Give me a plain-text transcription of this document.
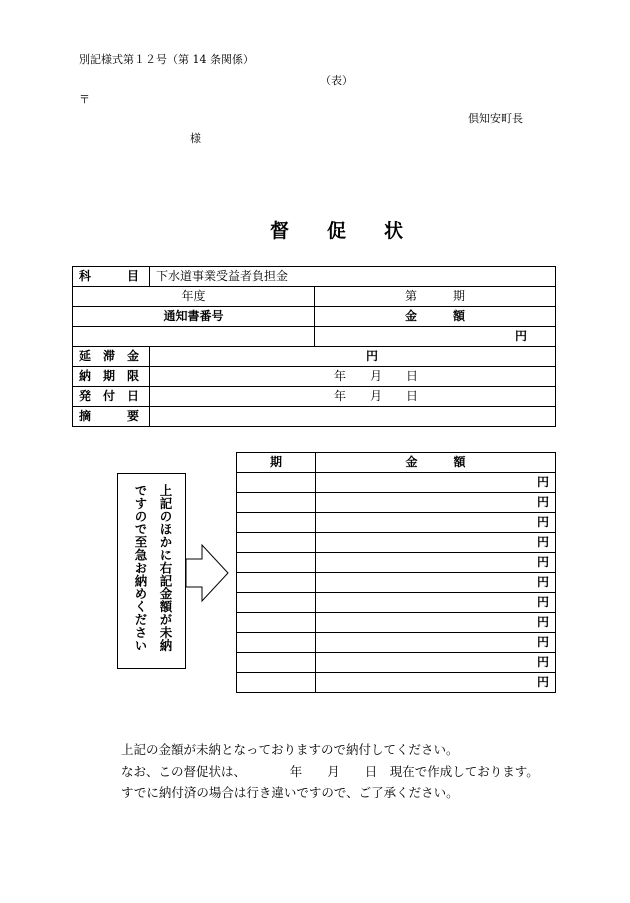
別記様式第１２号（第 14 条関係）
（表）
〒
倶知安町長
様
督　　促　　状
科　　　目	下水道事業受益者負担金	
年度		第　　　期
通知書番号		金　　　額
		円
延　滞　金	円	
納　期　限	年　　月　　日	
発　付　日	年　　月　　日	
摘　　　要		
上記のほかに右記金額が未納
ですので至急お納めください
期	金　　　額
	円
	円
	円
	円
	円
	円
	円
	円
	円
	円
	円
上記の金額が未納となっておりますので納付してください。
なお、この督促状は、　　　　年　　月　　日　現在で作成しております。
すでに納付済の場合は行き違いですので、ご了承ください。
